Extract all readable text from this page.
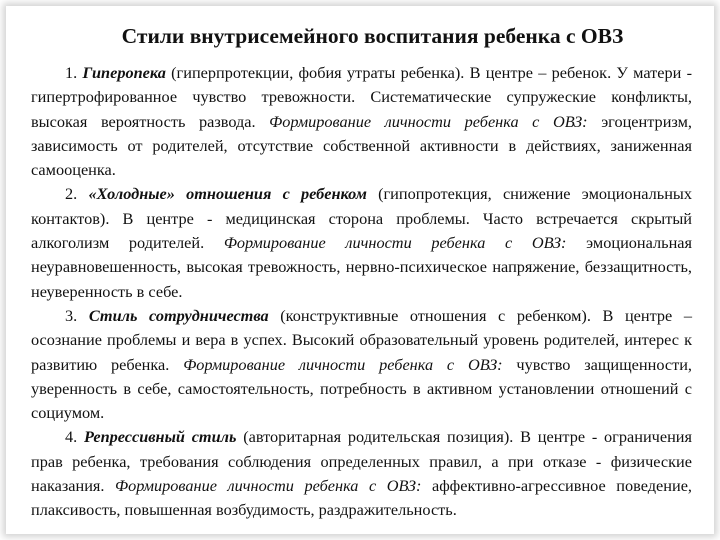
Стили внутрисемейного воспитания ребенка с ОВЗ

1. Гиперопека (гиперпротекции, фобия утраты ребенка). В центре – ребенок. У матери - гипертрофированное чувство тревожности. Систематические супружеские конфликты, высокая вероятность развода. Формирование личности ребенка с ОВЗ: эгоцентризм, зависимость от родителей, отсутствие собственной активности в действиях, заниженная самооценка.

2. «Холодные» отношения с ребенком (гипопротекция, снижение эмоциональных контактов). В центре - медицинская сторона проблемы. Часто встречается скрытый алкоголизм родителей. Формирование личности ребенка с ОВЗ: эмоциональная неуравновешенность, высокая тревожность, нервно-психическое напряжение, беззащитность, неуверенность в себе.

3. Стиль сотрудничества (конструктивные отношения с ребенком). В центре – осознание проблемы и вера в успех. Высокий образовательный уровень родителей, интерес к развитию ребенка. Формирование личности ребенка с ОВЗ: чувство защищенности, уверенность в себе, самостоятельность, потребность в активном установлении отношений с социумом.

4. Репрессивный стиль (авторитарная родительская позиция). В центре - ограничения прав ребенка, требования соблюдения определенных правил, а при отказе - физические наказания. Формирование личности ребенка с ОВЗ: аффективно-агрессивное поведение, плаксивость, повышенная возбудимость, раздражительность.
